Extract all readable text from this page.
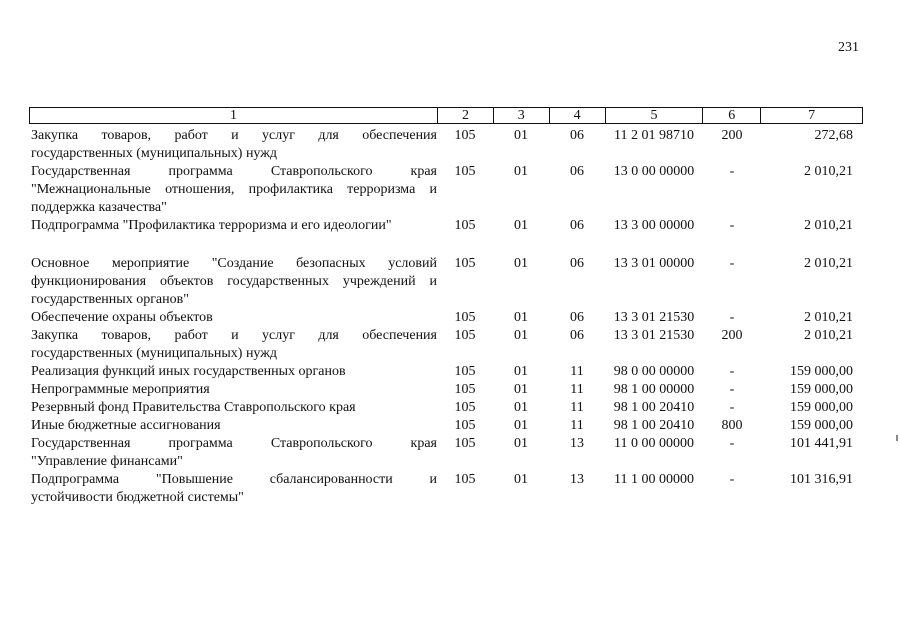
231
1	2	3	4	5	6	7
Закупка товаров, работ и услуг для обеспечения
государственных (муниципальных) нужд
105	01	06	11 2 01 98710	200	272,68
Государственная программа Ставропольского края
"Межнациональные отношения, профилактика терроризма и
поддержка казачества"
105	01	06	13 0 00 00000	-	2 010,21
Подпрограмма "Профилактика терроризма и его идеологии"	105	01	06	13 3 00 00000	-	2 010,21
Основное мероприятие "Создание безопасных условий
функционирования объектов государственных учреждений и
государственных органов"
105	01	06	13 3 01 00000	-	2 010,21
Обеспечение охраны объектов	105	01	06	13 3 01 21530	-	2 010,21
Закупка товаров, работ и услуг для обеспечения
государственных (муниципальных) нужд
105	01	06	13 3 01 21530	200	2 010,21
Реализация функций иных государственных органов	105	01	11	98 0 00 00000	-	159 000,00
Непрограммные мероприятия	105	01	11	98 1 00 00000	-	159 000,00
Резервный фонд Правительства Ставропольского края	105	01	11	98 1 00 20410	-	159 000,00
Иные бюджетные ассигнования	105	01	11	98 1 00 20410	800	159 000,00
Государственная программа Ставропольского края
"Управление финансами"
105	01	13	11 0 00 00000	-	101 441,91
Подпрограмма "Повышение сбалансированности и
устойчивости бюджетной системы"
105	01	13	11 1 00 00000	-	101 316,91
